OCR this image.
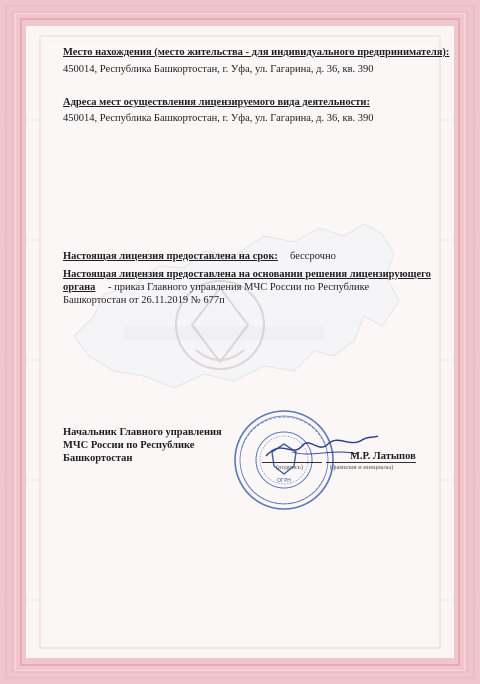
Место нахождения (место жительства - для индивидуального предпринимателя):
450014, Республика Башкортостан, г. Уфа, ул. Гагарина, д. 36, кв. 390
Адреса мест осуществления лицензируемого вида деятельности:
450014, Республика Башкортостан, г. Уфа, ул. Гагарина, д. 36, кв. 390
Настоящая лицензия предоставлена на срок: бессрочно
Настоящая лицензия предоставлена на основании решения лицензирующего
органа - приказ Главного управления МЧС России по Республике
Башкортостан от 26.11.2019 № 677п
Начальник Главного управления
МЧС России по Республике
Башкортостан
ОГРН
М.Р. Латыпов
(подпись)	(фамилия и инициалы)
